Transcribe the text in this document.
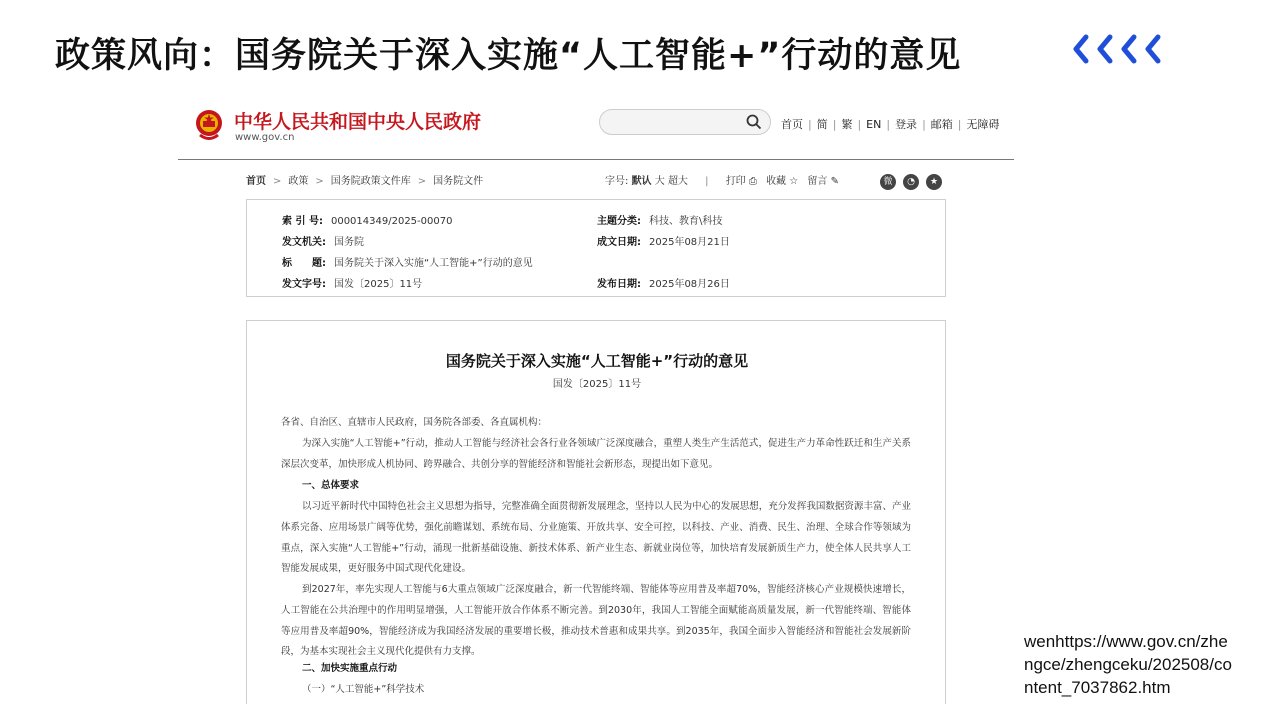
政策风向：国务院关于深入实施“人工智能+”行动的意见
中华人民共和国中央人民政府
www.gov.cn
首页 | 简 | 繁 | EN | 登录 | 邮箱 | 无障碍
首页 > 政策 > 国务院政策文件库 > 国务院文件	字号: 默认 大 超大 | 打印 ⎙ 收藏 ☆ 留言 ✎	微 ◔ ★
索 引 号: 000014349/2025-00070	主题分类: 科技、教育\科技
发文机关: 国务院	成文日期: 2025年08月21日
标　　题: 国务院关于深入实施“人工智能+”行动的意见
发文字号: 国发〔2025〕11号	发布日期: 2025年08月26日
国务院关于深入实施“人工智能+”行动的意见
国发〔2025〕11号
各省、自治区、直辖市人民政府，国务院各部委、各直属机构：
为深入实施“人工智能+”行动，推动人工智能与经济社会各行业各领域广泛深度融合，重塑人类生产生活范式，促进生产力革命性跃迁和生产关系深层次变革，加快形成人机协同、跨界融合、共创分享的智能经济和智能社会新形态，现提出如下意见。
一、总体要求
以习近平新时代中国特色社会主义思想为指导，完整准确全面贯彻新发展理念，坚持以人民为中心的发展思想，充分发挥我国数据资源丰富、产业体系完备、应用场景广阔等优势，强化前瞻谋划、系统布局、分业施策、开放共享、安全可控，以科技、产业、消费、民生、治理、全球合作等领域为重点，深入实施“人工智能+”行动，涌现一批新基础设施、新技术体系、新产业生态、新就业岗位等，加快培育发展新质生产力，使全体人民共享人工智能发展成果，更好服务中国式现代化建设。
到2027年，率先实现人工智能与6大重点领域广泛深度融合，新一代智能终端、智能体等应用普及率超70%，智能经济核心产业规模快速增长，人工智能在公共治理中的作用明显增强，人工智能开放合作体系不断完善。到2030年，我国人工智能全面赋能高质量发展，新一代智能终端、智能体等应用普及率超90%，智能经济成为我国经济发展的重要增长极，推动技术普惠和成果共享。到2035年，我国全面步入智能经济和智能社会发展新阶段，为基本实现社会主义现代化提供有力支撑。
二、加快实施重点行动
（一）“人工智能+”科学技术
wenhttps://www.gov.cn/zhengce/zhengceku/202508/content_7037862.htm
